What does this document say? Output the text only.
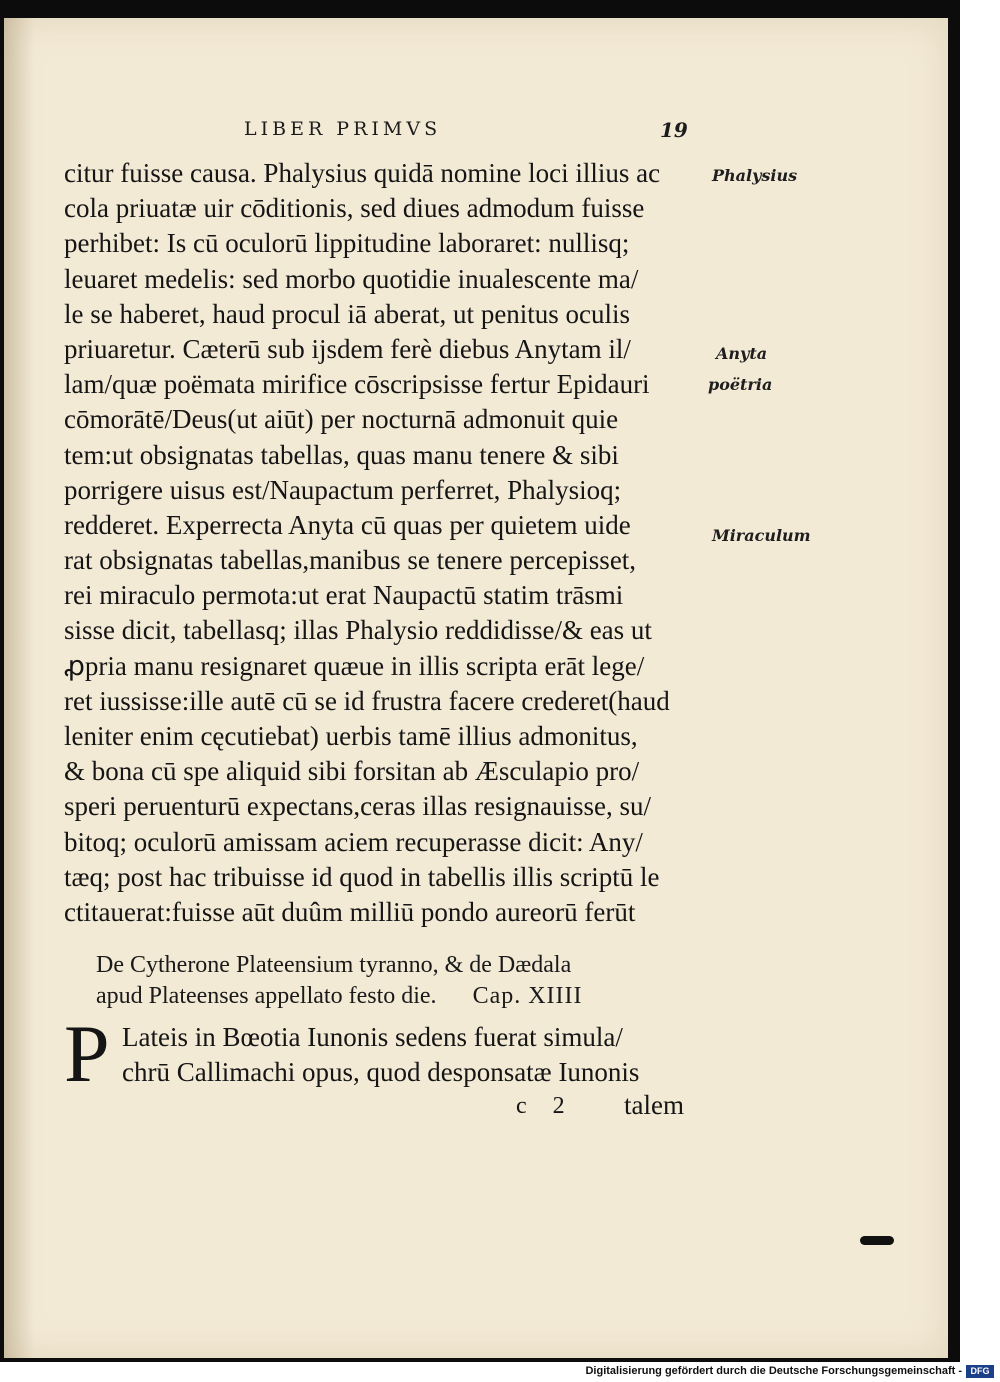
LIBER PRIMVS	19
citur fuisse causa. Phalysius quidā nomine loci illius ac
cola priuatæ uir cōditionis, sed diues admodum fuisse
perhibet: Is cū oculorū lippitudine laboraret: nullisq;
leuaret medelis: sed morbo quotidie inualescente ma/
le se haberet, haud procul iā aberat, ut penitus oculis
priuaretur. Cæterū sub ijsdem ferè diebus Anytam il/
lam/quæ poëmata mirifice cōscripsisse fertur Epidauri
cōmorātē/Deus(ut aiūt) per nocturnā admonuit quie
tem:ut obsignatas tabellas, quas manu tenere & sibi
porrigere uisus est/Naupactum perferret, Phalysioq;
redderet. Experrecta Anyta cū quas per quietem uide
rat obsignatas tabellas,manibus se tenere percepisset,
rei miraculo permota:ut erat Naupactū statim trāsmi
sisse dicit, tabellasq; illas Phalysio reddidisse/& eas ut
ꝓpria manu resignaret quæue in illis scripta erāt lege/
ret iussisse:ille autē cū se id frustra facere crederet(haud
leniter enim cęcutiebat) uerbis tamē illius admonitus,
& bona cū spe aliquid sibi forsitan ab Æsculapio pro/
speri peruenturū expectans,ceras illas resignauisse, su/
bitoq; oculorū amissam aciem recuperasse dicit: Any/
tæq; post hac tribuisse id quod in tabellis illis scriptū le
ctitauerat:fuisse aūt duûm milliū pondo aureorū ferūt
De Cytherone Plateensium tyranno, & de Dædala
apud Plateenses appellato festo die. Cap. XIIII
P Lateis in Bœotia Iunonis sedens fuerat simula/
chrū Callimachi opus, quod desponsatæ Iunonis
c 2 talem
Phalysius
Anyta
poëtria
Miraculum
Digitalisierung gefördert durch die Deutsche Forschungsgemeinschaft - DFG
